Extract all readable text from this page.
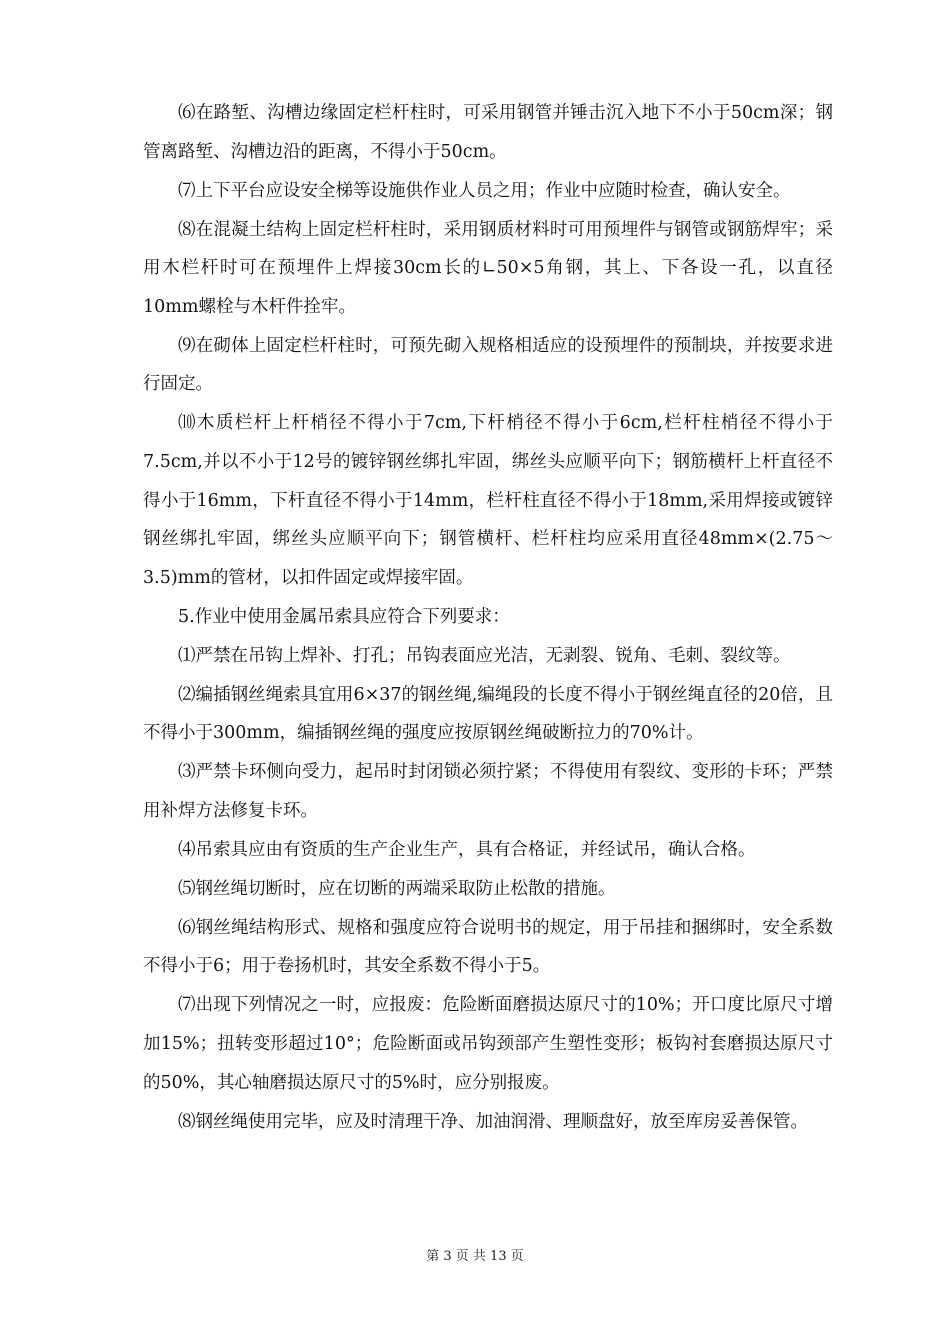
⑹在路堑、沟槽边缘固定栏杆柱时，可采用钢管并锤击沉入地下不小于50cm深；钢管离路堑、沟槽边沿的距离，不得小于50cm。

⑺上下平台应设安全梯等设施供作业人员之用；作业中应随时检查，确认安全。

⑻在混凝土结构上固定栏杆柱时，采用钢质材料时可用预埋件与钢管或钢筋焊牢；采用木栏杆时可在预埋件上焊接30cm长的∟50×5角钢，其上、下各设一孔，以直径10mm螺栓与木杆件拴牢。

⑼在砌体上固定栏杆柱时，可预先砌入规格相适应的设预埋件的预制块，并按要求进行固定。

⑽木质栏杆上杆梢径不得小于7cm,下杆梢径不得小于6cm,栏杆柱梢径不得小于7.5cm,并以不小于12号的镀锌钢丝绑扎牢固，绑丝头应顺平向下；钢筋横杆上杆直径不得小于16mm，下杆直径不得小于14mm，栏杆柱直径不得小于18mm,采用焊接或镀锌钢丝绑扎牢固，绑丝头应顺平向下；钢管横杆、栏杆柱均应采用直径48mm×(2.75～3.5)mm的管材，以扣件固定或焊接牢固。

5.作业中使用金属吊索具应符合下列要求：

⑴严禁在吊钩上焊补、打孔；吊钩表面应光洁，无剥裂、锐角、毛刺、裂纹等。

⑵编插钢丝绳索具宜用6×37的钢丝绳,编绳段的长度不得小于钢丝绳直径的20倍，且不得小于300mm，编插钢丝绳的强度应按原钢丝绳破断拉力的70%计。

⑶严禁卡环侧向受力，起吊时封闭锁必须拧紧；不得使用有裂纹、变形的卡环；严禁用补焊方法修复卡环。

⑷吊索具应由有资质的生产企业生产，具有合格证，并经试吊，确认合格。

⑸钢丝绳切断时，应在切断的两端采取防止松散的措施。

⑹钢丝绳结构形式、规格和强度应符合说明书的规定，用于吊挂和捆绑时，安全系数不得小于6；用于卷扬机时，其安全系数不得小于5。

⑺出现下列情况之一时，应报废：危险断面磨损达原尺寸的10%；开口度比原尺寸增加15%；扭转变形超过10°；危险断面或吊钩颈部产生塑性变形；板钩衬套磨损达原尺寸的50%，其心轴磨损达原尺寸的5%时，应分别报废。

⑻钢丝绳使用完毕，应及时清理干净、加油润滑、理顺盘好，放至库房妥善保管。

第 3 页 共 13 页
